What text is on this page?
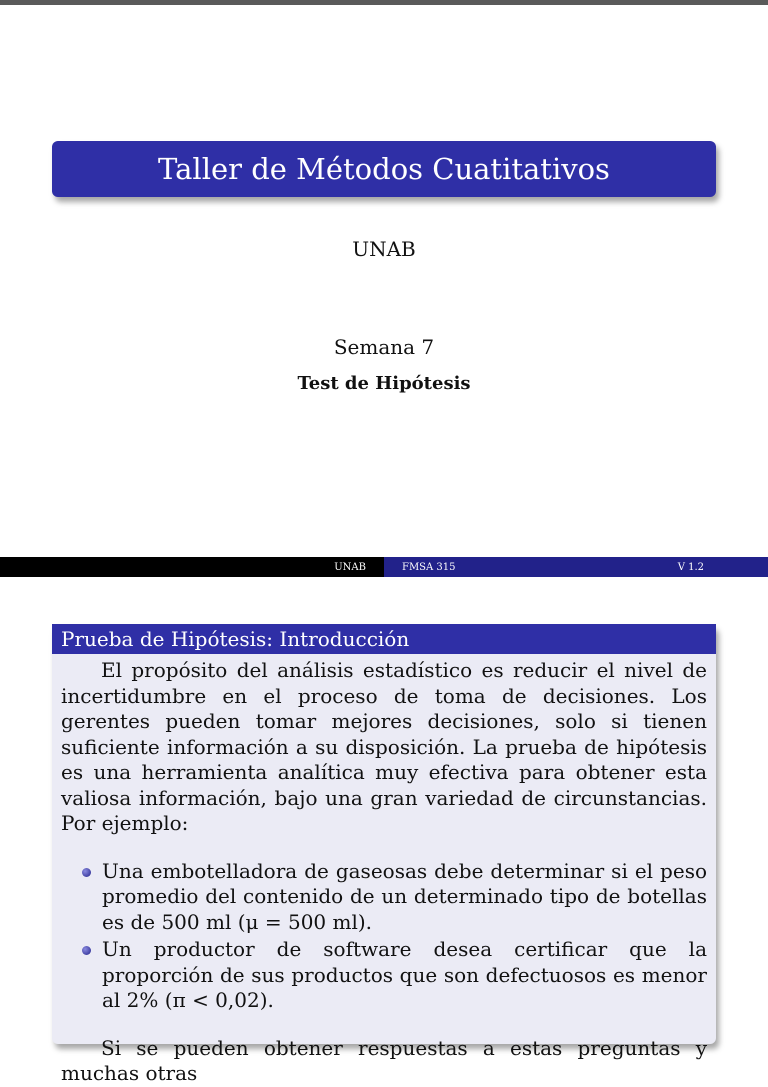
Taller de Métodos Cuatitativos
UNAB
Semana 7
Test de Hipótesis
UNAB	FMSA 315	V 1.2
Prueba de Hipótesis: Introducción

El propósito del análisis estadístico es reducir el nivel de incertidumbre en el proceso de toma de decisiones. Los gerentes pueden tomar mejores decisiones, solo si tienen suficiente información a su disposición. La prueba de hipótesis es una herramienta analítica muy efectiva para obtener esta valiosa información, bajo una gran variedad de circunstancias. Por ejemplo:

Una embotelladora de gaseosas debe determinar si el peso promedio del contenido de un determinado tipo de botellas es de 500 ml (μ = 500 ml).
Un productor de software desea certificar que la proporción de sus productos que son defectuosos es menor al 2% (π < 0,02).

Si se pueden obtener respuestas a estas preguntas y muchas otras
